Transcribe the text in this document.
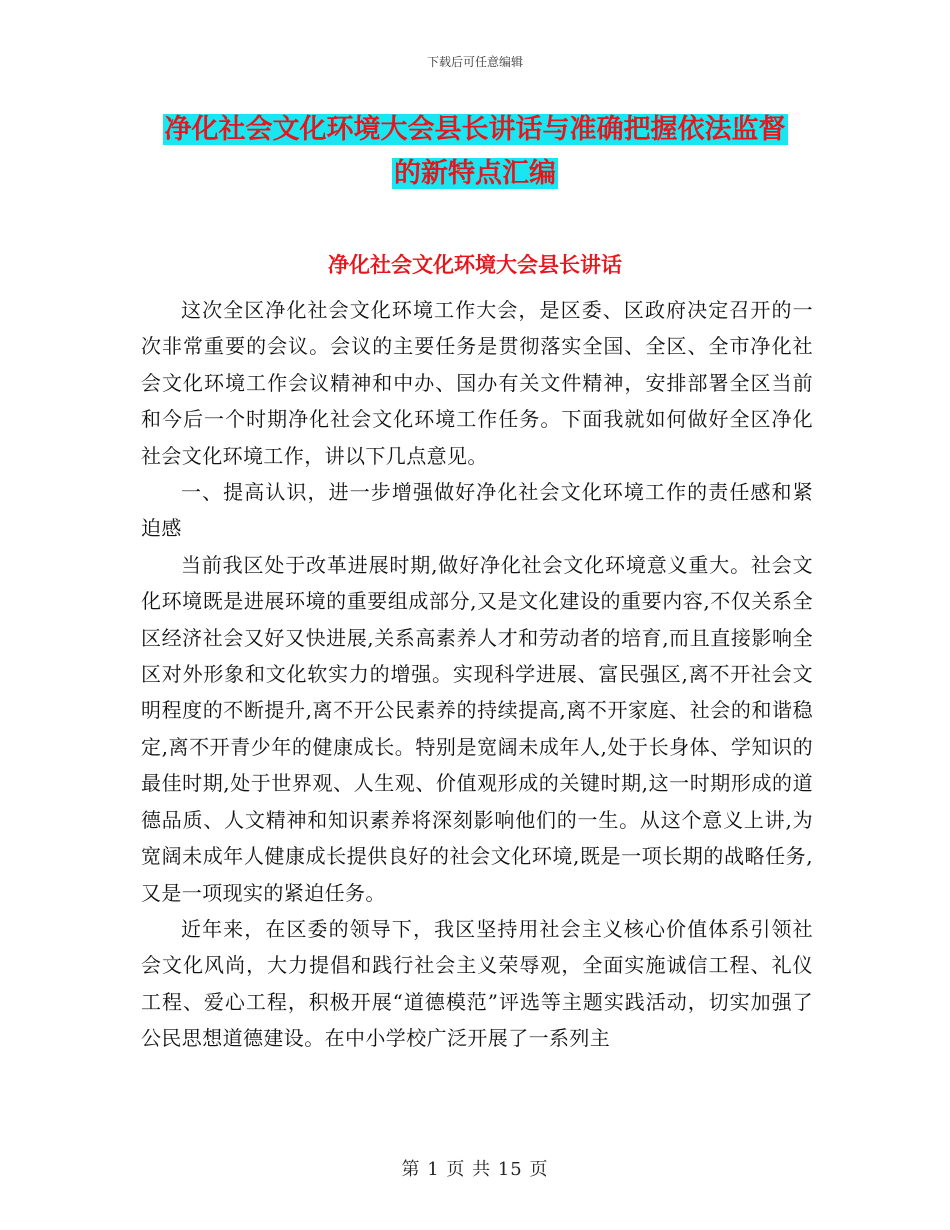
下载后可任意编辑
净化社会文化环境大会县长讲话与准确把握依法监督
的新特点汇编
净化社会文化环境大会县长讲话

这次全区净化社会文化环境工作大会，是区委、区政府决定召开的一次非常重要的会议。会议的主要任务是贯彻落实全国、全区、全市净化社会文化环境工作会议精神和中办、国办有关文件精神，安排部署全区当前和今后一个时期净化社会文化环境工作任务。下面我就如何做好全区净化社会文化环境工作，讲以下几点意见。

一、提高认识，进一步增强做好净化社会文化环境工作的责任感和紧迫感

当前我区处于改革进展时期,做好净化社会文化环境意义重大。社会文化环境既是进展环境的重要组成部分,又是文化建设的重要内容,不仅关系全区经济社会又好又快进展,关系高素养人才和劳动者的培育,而且直接影响全区对外形象和文化软实力的增强。实现科学进展、富民强区,离不开社会文明程度的不断提升,离不开公民素养的持续提高,离不开家庭、社会的和谐稳定,离不开青少年的健康成长。特别是宽阔未成年人,处于长身体、学知识的最佳时期,处于世界观、人生观、价值观形成的关键时期,这一时期形成的道德品质、人文精神和知识素养将深刻影响他们的一生。从这个意义上讲,为宽阔未成年人健康成长提供良好的社会文化环境,既是一项长期的战略任务,又是一项现实的紧迫任务。

近年来，在区委的领导下，我区坚持用社会主义核心价值体系引领社会文化风尚，大力提倡和践行社会主义荣辱观，全面实施诚信工程、礼仪工程、爱心工程，积极开展“道德模范”评选等主题实践活动，切实加强了公民思想道德建设。在中小学校广泛开展了一系列主

第 1 页 共 15 页
